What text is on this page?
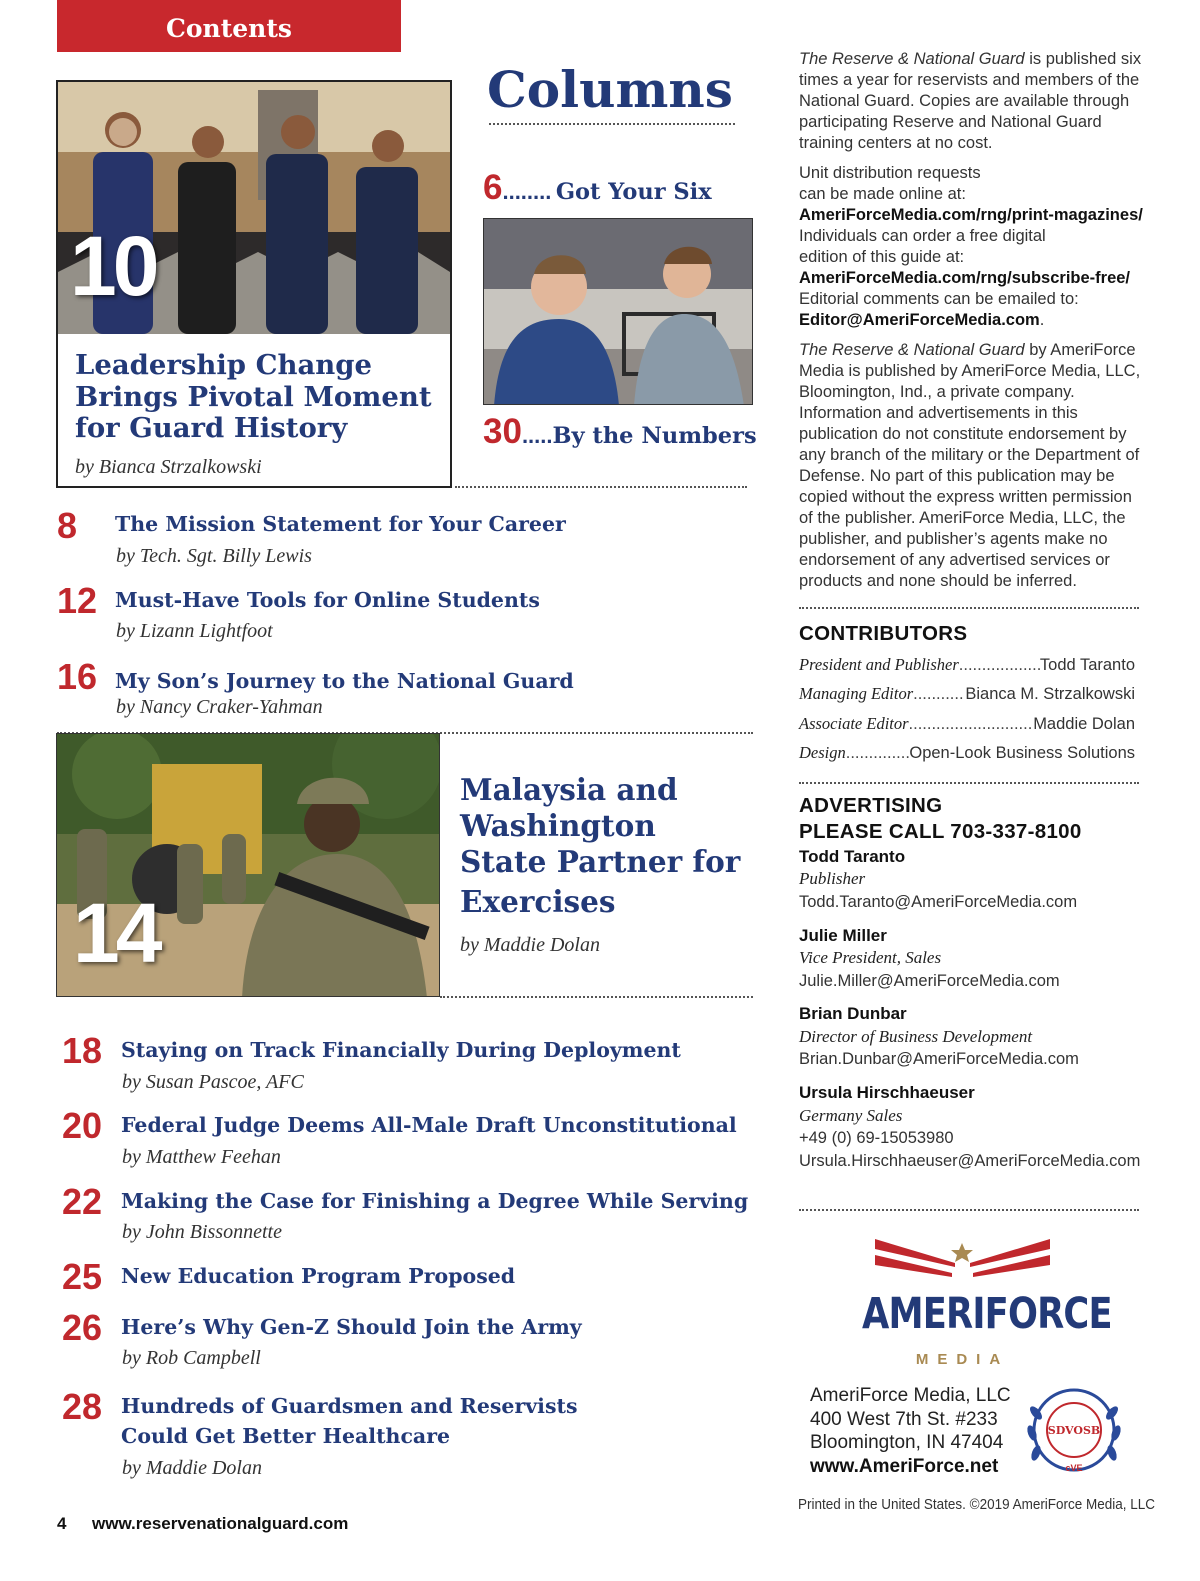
Contents
10
Leadership Change
Brings Pivotal Moment
for Guard History
by Bianca Strzalkowski
Columns
6........ Got Your Six
30.....By the Numbers
8 The Mission Statement for Your Career
by Tech. Sgt. Billy Lewis
12 Must-Have Tools for Online Students
by Lizann Lightfoot
16 My Son’s Journey to the National Guard
by Nancy Craker-Yahman
14
Malaysia and
Washington
State Partner for
Exercises
by Maddie Dolan
18 Staying on Track Financially During Deployment
by Susan Pascoe, AFC
20 Federal Judge Deems All-Male Draft Unconstitutional
by Matthew Feehan
22 Making the Case for Finishing a Degree While Serving
by John Bissonnette
25 New Education Program Proposed
26 Here’s Why Gen-Z Should Join the Army
by Rob Campbell
28 Hundreds of Guardsmen and Reservists
Could Get Better Healthcare
by Maddie Dolan
The Reserve & National Guard is published six times a year for reservists and members of the National Guard. Copies are available through participating Reserve and National Guard training centers at no cost.
Unit distribution requests
can be made online at:
AmeriForceMedia.com/rng/print-magazines/
Individuals can order a free digital
edition of this guide at:
AmeriForceMedia.com/rng/subscribe-free/
Editorial comments can be emailed to:
Editor@AmeriForceMedia.com.
The Reserve & National Guard by AmeriForce Media is published by AmeriForce Media, LLC, Bloomington, Ind., a private company. Information and advertisements in this publication do not constitute endorsement by any branch of the military or the Department of Defense. No part of this publication may be copied without the express written permission of the publisher. AmeriForce Media, LLC, the publisher, and publisher’s agents make no endorsement of any advertised services or products and none should be inferred.
CONTRIBUTORS
President and Publisher .....	Todd Taranto
Managing Editor .....	Bianca M. Strzalkowski
Associate Editor .....	Maddie Dolan
Design .....	Open-Look Business Solutions
ADVERTISING
PLEASE CALL 703-337-8100
Todd Taranto
Publisher
Todd.Taranto@AmeriForceMedia.com
Julie Miller
Vice President, Sales
Julie.Miller@AmeriForceMedia.com
Brian Dunbar
Director of Business Development
Brian.Dunbar@AmeriForceMedia.com
Ursula Hirschhaeuser
Germany Sales
+49 (0) 69-15053980
Ursula.Hirschhaeuser@AmeriForceMedia.com
AMERIFORCE
MEDIA
AmeriForce Media, LLC
400 West 7th St. #233
Bloomington, IN 47404
www.AmeriForce.net
SDVOSB
cVE
Printed in the United States. ©2019 AmeriForce Media, LLC
4 www.reservenationalguard.com
